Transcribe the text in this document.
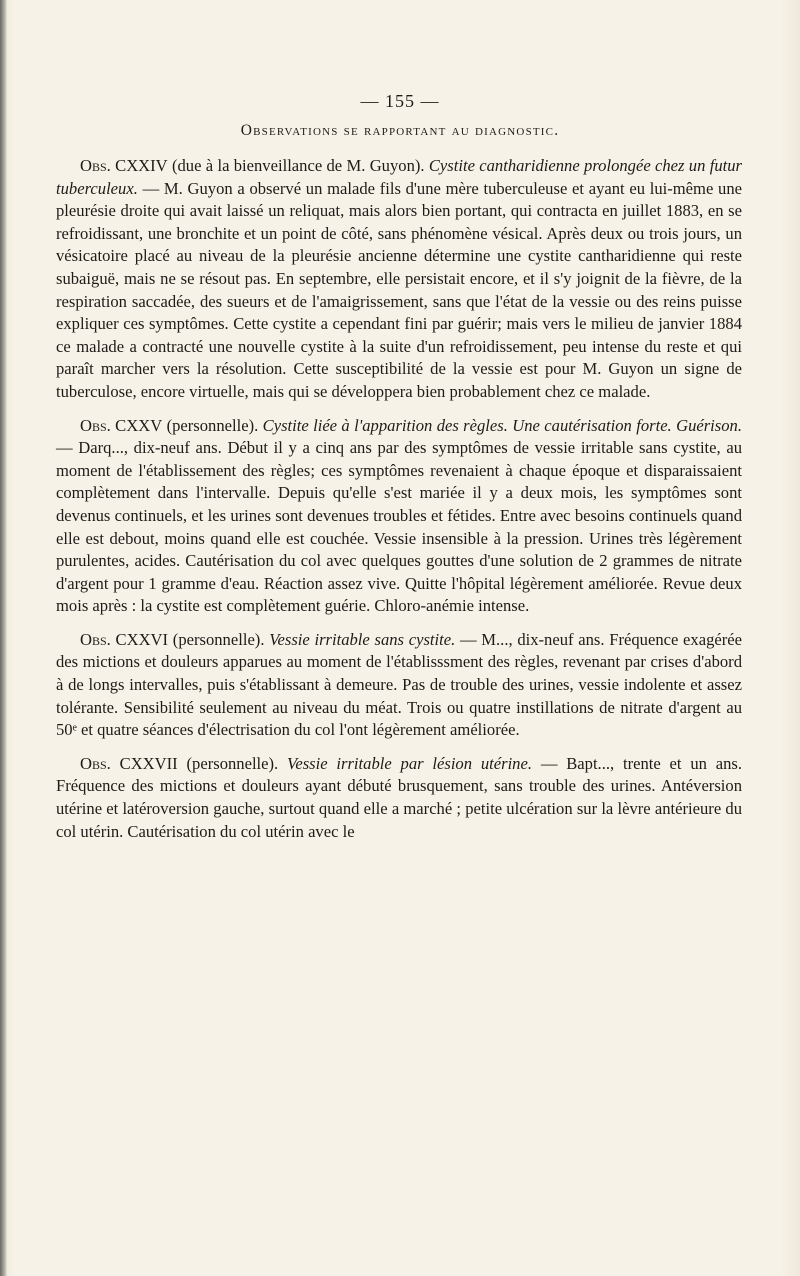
— 155 —
Observations se rapportant au diagnostic.

Obs. CXXIV (due à la bienveillance de M. Guyon). Cystite cantharidienne prolongée chez un futur tuberculeux. — M. Guyon a observé un malade fils d'une mère tuberculeuse et ayant eu lui-même une pleurésie droite qui avait laissé un reliquat, mais alors bien portant, qui contracta en juillet 1883, en se refroidissant, une bronchite et un point de côté, sans phénomène vésical. Après deux ou trois jours, un vésicatoire placé au niveau de la pleurésie ancienne détermine une cystite cantharidienne qui reste subaiguë, mais ne se résout pas. En septembre, elle persistait encore, et il s'y joignit de la fièvre, de la respiration saccadée, des sueurs et de l'amaigrissement, sans que l'état de la vessie ou des reins puisse expliquer ces symptômes. Cette cystite a cependant fini par guérir; mais vers le milieu de janvier 1884 ce malade a contracté une nouvelle cystite à la suite d'un refroidissement, peu intense du reste et qui paraît marcher vers la résolution. Cette susceptibilité de la vessie est pour M. Guyon un signe de tuberculose, encore virtuelle, mais qui se développera bien probablement chez ce malade.

Obs. CXXV (personnelle). Cystite liée à l'apparition des règles. Une cautérisation forte. Guérison. — Darq..., dix-neuf ans. Début il y a cinq ans par des symptômes de vessie irritable sans cystite, au moment de l'établissement des règles; ces symptômes revenaient à chaque époque et disparaissaient complètement dans l'intervalle. Depuis qu'elle s'est mariée il y a deux mois, les symptômes sont devenus continuels, et les urines sont devenues troubles et fétides. Entre avec besoins continuels quand elle est debout, moins quand elle est couchée. Vessie insensible à la pression. Urines très légèrement purulentes, acides. Cautérisation du col avec quelques gouttes d'une solution de 2 grammes de nitrate d'argent pour 1 gramme d'eau. Réaction assez vive. Quitte l'hôpital légèrement améliorée. Revue deux mois après : la cystite est complètement guérie. Chloro-anémie intense.

Obs. CXXVI (personnelle). Vessie irritable sans cystite. — M..., dix-neuf ans. Fréquence exagérée des mictions et douleurs apparues au moment de l'établisssment des règles, revenant par crises d'abord à de longs intervalles, puis s'établissant à demeure. Pas de trouble des urines, vessie indolente et assez tolérante. Sensibilité seulement au niveau du méat. Trois ou quatre instillations de nitrate d'argent au 50ᵉ et quatre séances d'électrisation du col l'ont légèrement améliorée.

Obs. CXXVII (personnelle). Vessie irritable par lésion utérine. — Bapt..., trente et un ans. Fréquence des mictions et douleurs ayant débuté brusquement, sans trouble des urines. Antéversion utérine et latéroversion gauche, surtout quand elle a marché ; petite ulcération sur la lèvre antérieure du col utérin. Cautérisation du col utérin avec le
